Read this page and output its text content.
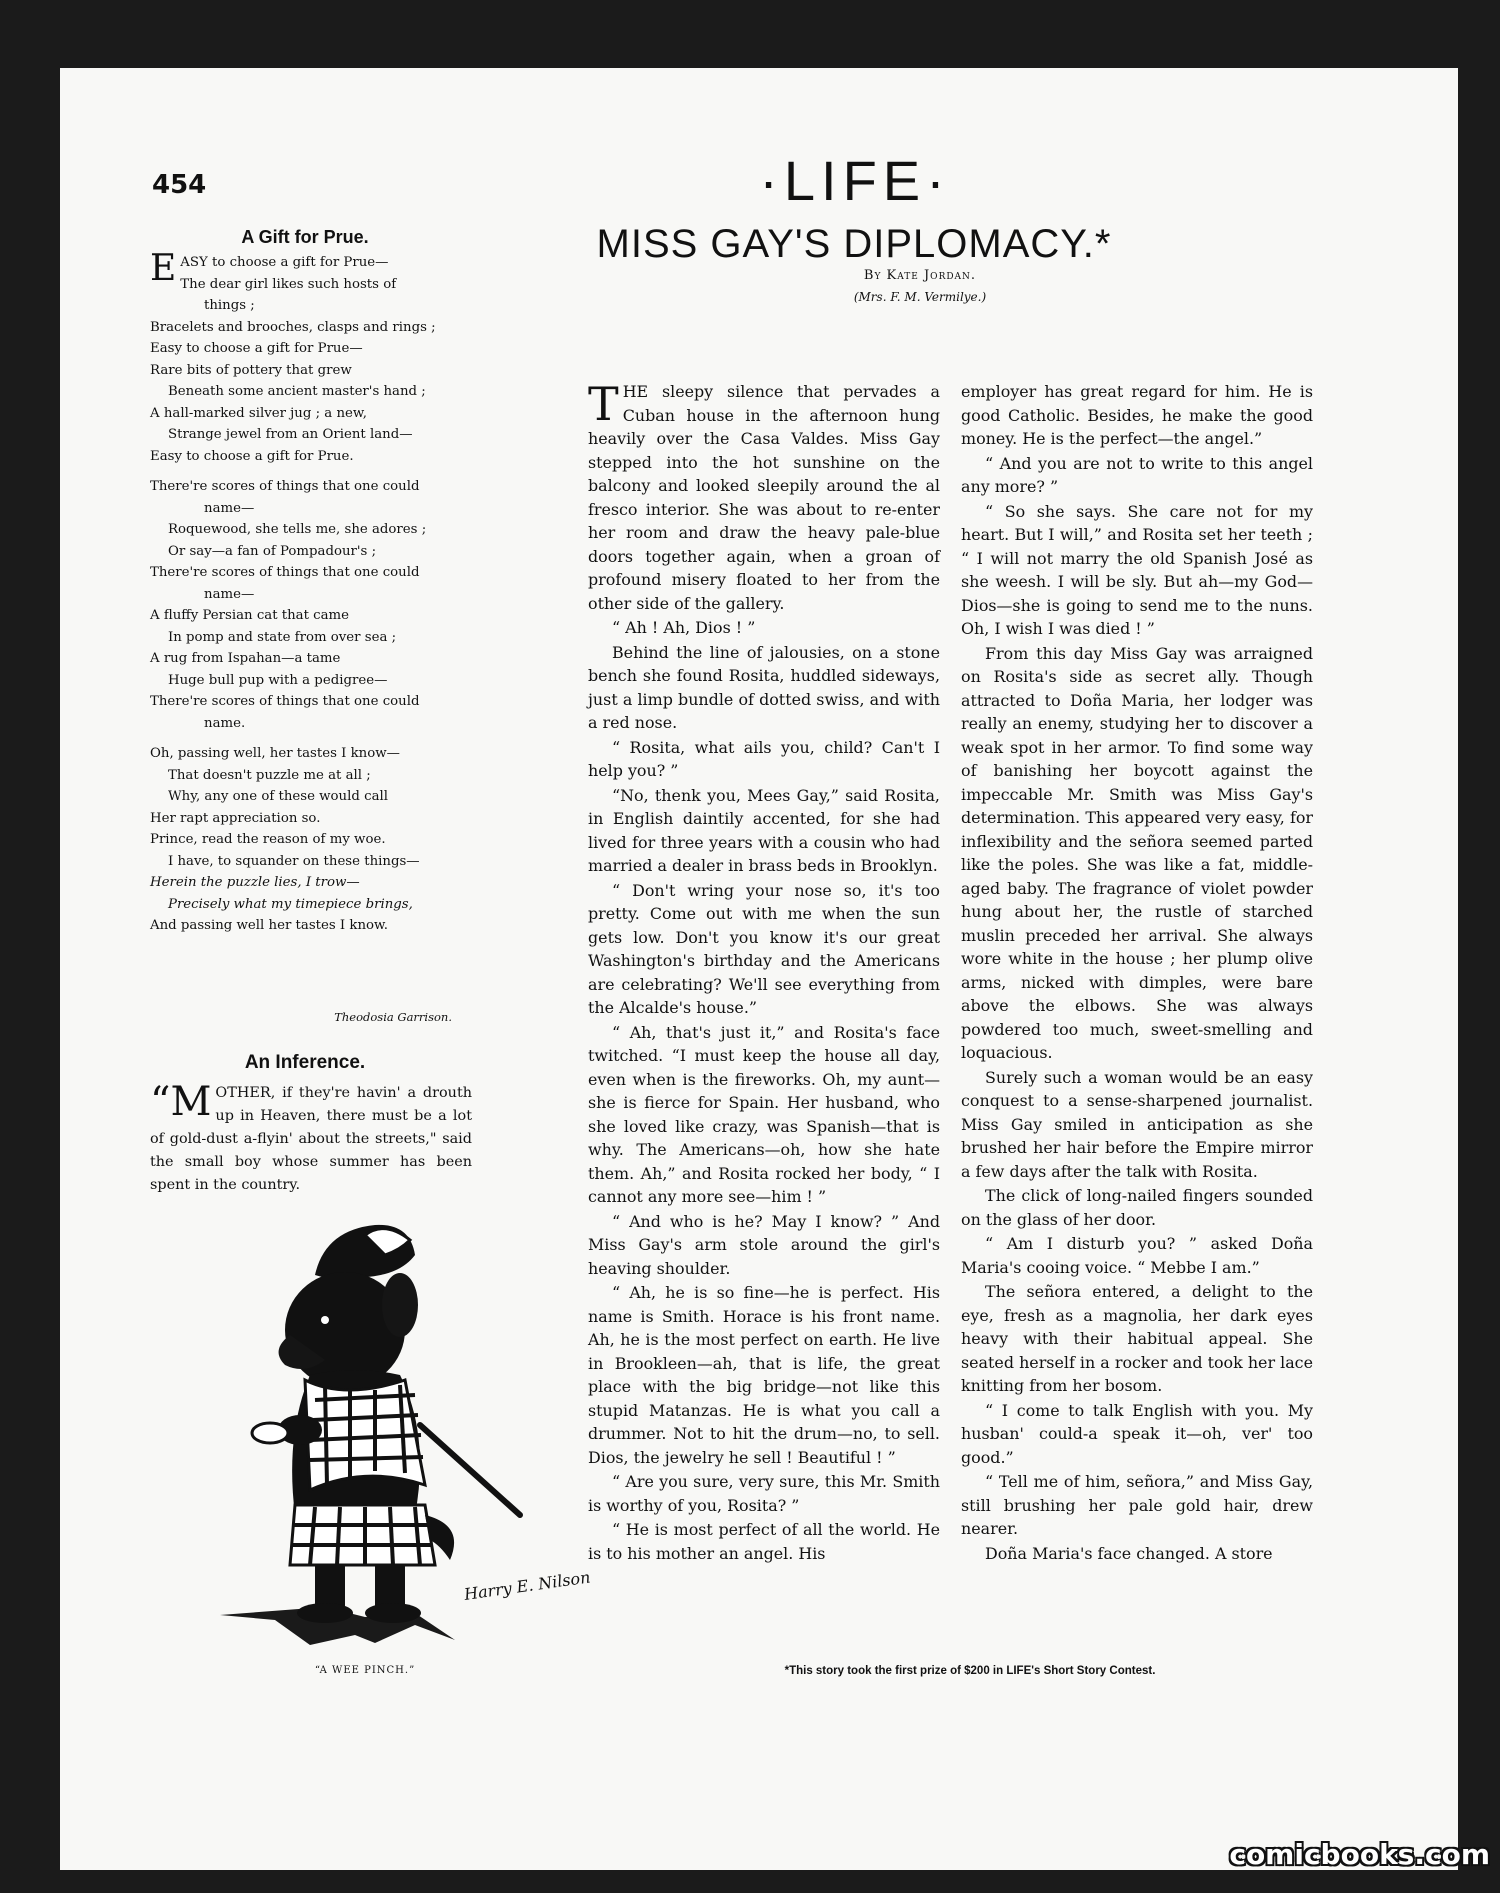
454	·LIFE·
A Gift for Prue.
EASY to choose a gift for Prue—
The dear girl likes such hosts of
things ;
Bracelets and brooches, clasps and rings ;
Easy to choose a gift for Prue—
Rare bits of pottery that grew
Beneath some ancient master's hand ;
A hall-marked silver jug ; a new,
Strange jewel from an Orient land—
Easy to choose a gift for Prue.
There're scores of things that one could
name—
Roquewood, she tells me, she adores ;
Or say—a fan of Pompadour's ;
There're scores of things that one could
name—
A fluffy Persian cat that came
In pomp and state from over sea ;
A rug from Ispahan—a tame
Huge bull pup with a pedigree—
There're scores of things that one could
name.
Oh, passing well, her tastes I know—
That doesn't puzzle me at all ;
Why, any one of these would call
Her rapt appreciation so.
Prince, read the reason of my woe.
I have, to squander on these things—
Herein the puzzle lies, I trow—
Precisely what my timepiece brings,
And passing well her tastes I know.
Theodosia Garrison.
An Inference.
“M OTHER, if they're havin' a drouth up in Heaven, there must be a lot of gold-dust a-flyin' about the streets," said the small boy whose summer has been spent in the country.
Harry E. Nilson
“A WEE PINCH.”
MISS GAY'S DIPLOMACY.*
By Kate Jordan.
(Mrs. F. M. Vermilye.)

THE sleepy silence that pervades a Cuban house in the afternoon hung heavily over the Casa Valdes. Miss Gay stepped into the hot sunshine on the balcony and looked sleepily around the al fresco interior. She was about to re-enter her room and draw the heavy pale-blue doors together again, when a groan of profound misery floated to her from the other side of the gallery.

“ Ah ! Ah, Dios ! ”

Behind the line of jalousies, on a stone bench she found Rosita, huddled sideways, just a limp bundle of dotted swiss, and with a red nose.

“ Rosita, what ails you, child? Can't I help you? ”

“No, thenk you, Mees Gay,” said Rosita, in English daintily accented, for she had lived for three years with a cousin who had married a dealer in brass beds in Brooklyn.

“ Don't wring your nose so, it's too pretty. Come out with me when the sun gets low. Don't you know it's our great Washington's birthday and the Americans are celebrating? We'll see everything from the Alcalde's house.”

“ Ah, that's just it,” and Rosita's face twitched. “I must keep the house all day, even when is the fireworks. Oh, my aunt—she is fierce for Spain. Her husband, who she loved like crazy, was Spanish—that is why. The Americans—oh, how she hate them. Ah,” and Rosita rocked her body, “ I cannot any more see—him ! ”

“ And who is he? May I know? ” And Miss Gay's arm stole around the girl's heaving shoulder.

“ Ah, he is so fine—he is perfect. His name is Smith. Horace is his front name. Ah, he is the most perfect on earth. He live in Brookleen—ah, that is life, the great place with the big bridge—not like this stupid Matanzas. He is what you call a drummer. Not to hit the drum—no, to sell. Dios, the jewelry he sell ! Beautiful ! ”

“ Are you sure, very sure, this Mr. Smith is worthy of you, Rosita? ”

“ He is most perfect of all the world. He is to his mother an angel. His

employer has great regard for him. He is good Catholic. Besides, he make the good money. He is the perfect—the angel.”

“ And you are not to write to this angel any more? ”

“ So she says. She care not for my heart. But I will,” and Rosita set her teeth ; “ I will not marry the old Spanish José as she weesh. I will be sly. But ah—my God—Dios—she is going to send me to the nuns. Oh, I wish I was died ! ”

From this day Miss Gay was arraigned on Rosita's side as secret ally. Though attracted to Doña Maria, her lodger was really an enemy, studying her to discover a weak spot in her armor. To find some way of banishing her boycott against the impeccable Mr. Smith was Miss Gay's determination. This appeared very easy, for inflexibility and the señora seemed parted like the poles. She was like a fat, middle-aged baby. The fragrance of violet powder hung about her, the rustle of starched muslin preceded her arrival. She always wore white in the house ; her plump olive arms, nicked with dimples, were bare above the elbows. She was always powdered too much, sweet-smelling and loquacious.

Surely such a woman would be an easy conquest to a sense-sharpened journalist. Miss Gay smiled in anticipation as she brushed her hair before the Empire mirror a few days after the talk with Rosita.

The click of long-nailed fingers sounded on the glass of her door.

“ Am I disturb you? ” asked Doña Maria's cooing voice. “ Mebbe I am.”

The señora entered, a delight to the eye, fresh as a magnolia, her dark eyes heavy with their habitual appeal. She seated herself in a rocker and took her lace knitting from her bosom.

“ I come to talk English with you. My husban' could-a speak it—oh, ver' too good.”

“ Tell me of him, señora,” and Miss Gay, still brushing her pale gold hair, drew nearer.

Doña Maria's face changed. A store

*This story took the first prize of $200 in LIFE's Short Story Contest.
comicbooks.com
